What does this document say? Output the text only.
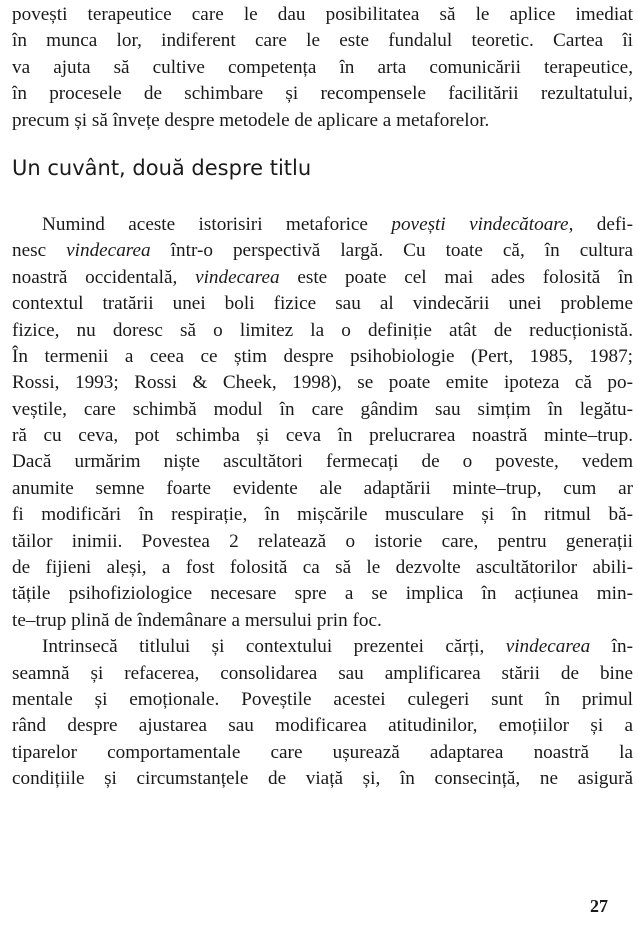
povești terapeutice care le dau posibilitatea să le aplice imediat
în munca lor, indiferent care le este fundalul teoretic. Cartea îi
va ajuta să cultive competența în arta comunicării terapeutice,
în procesele de schimbare și recompensele facilitării rezultatului,
precum și să învețe despre metodele de aplicare a metaforelor.
Un cuvânt, două despre titlu
Numind aceste istorisiri metaforice povești vindecătoare, defi-
nesc vindecarea într-o perspectivă largă. Cu toate că, în cultura
noastră occidentală, vindecarea este poate cel mai ades folosită în
contextul tratării unei boli fizice sau al vindecării unei probleme
fizice, nu doresc să o limitez la o definiție atât de reducționistă.
În termenii a ceea ce știm despre psihobiologie (Pert, 1985, 1987;
Rossi, 1993; Rossi & Cheek, 1998), se poate emite ipoteza că po-
veștile, care schimbă modul în care gândim sau simțim în legătu-
ră cu ceva, pot schimba și ceva în prelucrarea noastră minte–trup.
Dacă urmărim niște ascultători fermecați de o poveste, vedem
anumite semne foarte evidente ale adaptării minte–trup, cum ar
fi modificări în respirație, în mișcările musculare și în ritmul bă-
tăilor inimii. Povestea 2 relatează o istorie care, pentru generații
de fijieni aleși, a fost folosită ca să le dezvolte ascultătorilor abili-
tățile psihofiziologice necesare spre a se implica în acțiunea min-
te–trup plină de îndemânare a mersului prin foc.
Intrinsecă titlului și contextului prezentei cărți, vindecarea în-
seamnă și refacerea, consolidarea sau amplificarea stării de bine
mentale și emoționale. Poveștile acestei culegeri sunt în primul
rând despre ajustarea sau modificarea atitudinilor, emoțiilor și a
tiparelor comportamentale care ușurează adaptarea noastră la
condițiile și circumstanțele de viață și, în consecință, ne asigură
27
